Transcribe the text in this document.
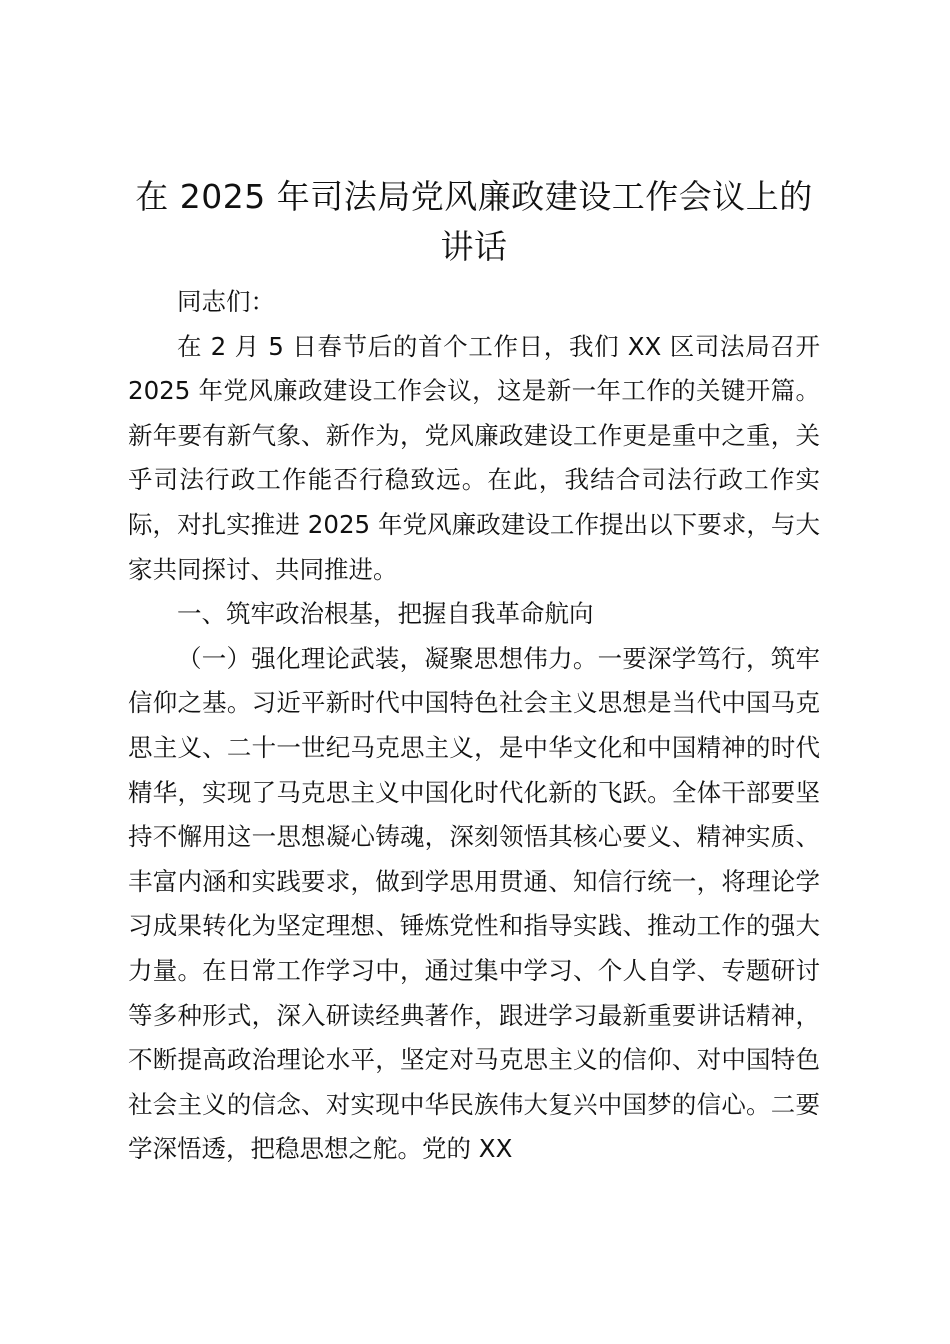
在 2025 年司法局党风廉政建设工作会议上的讲话

同志们：

在 2 月 5 日春节后的首个工作日，我们 XX 区司法局召开 2025 年党风廉政建设工作会议，这是新一年工作的关键开篇。新年要有新气象、新作为，党风廉政建设工作更是重中之重，关乎司法行政工作能否行稳致远。在此，我结合司法行政工作实际，对扎实推进 2025 年党风廉政建设工作提出以下要求，与大家共同探讨、共同推进。

一、筑牢政治根基，把握自我革命航向

（一）强化理论武装，凝聚思想伟力。一要深学笃行，筑牢信仰之基。习近平新时代中国特色社会主义思想是当代中国马克思主义、二十一世纪马克思主义，是中华文化和中国精神的时代精华，实现了马克思主义中国化时代化新的飞跃。全体干部要坚持不懈用这一思想凝心铸魂，深刻领悟其核心要义、精神实质、丰富内涵和实践要求，做到学思用贯通、知信行统一，将理论学习成果转化为坚定理想、锤炼党性和指导实践、推动工作的强大力量。在日常工作学习中，通过集中学习、个人自学、专题研讨等多种形式，深入研读经典著作，跟进学习最新重要讲话精神，不断提高政治理论水平，坚定对马克思主义的信仰、对中国特色社会主义的信念、对实现中华民族伟大复兴中国梦的信心。二要学深悟透，把稳思想之舵。党的 XX
